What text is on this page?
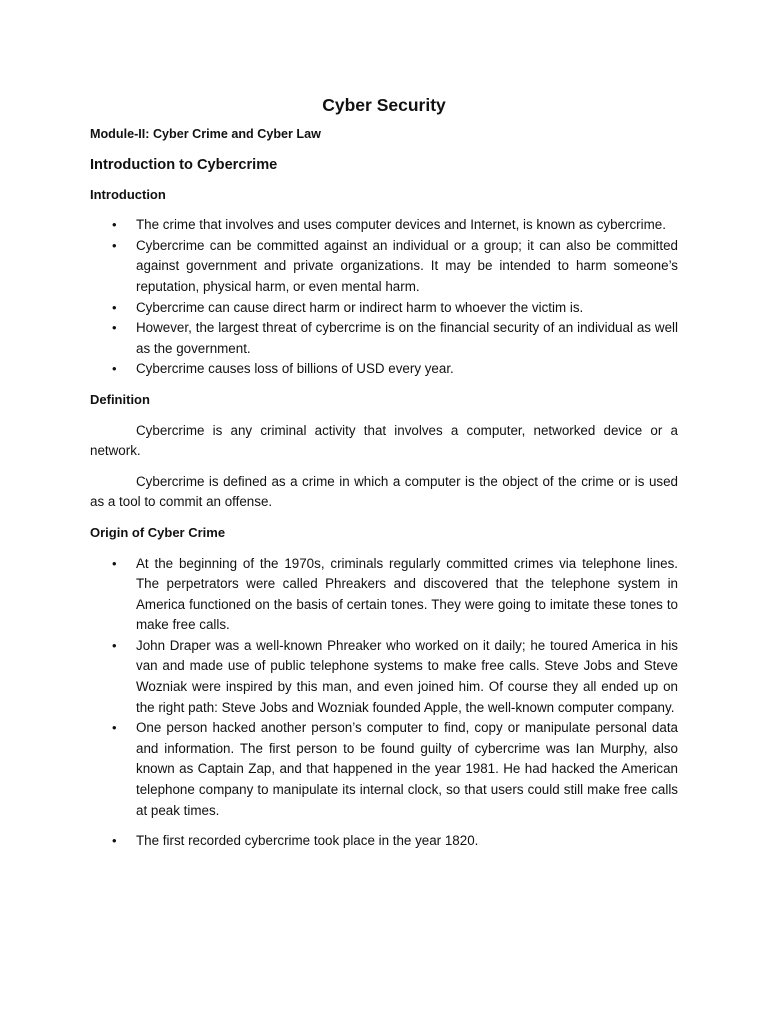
Cyber Security
Module-II: Cyber Crime and Cyber Law
Introduction to Cybercrime
Introduction
• The crime that involves and uses computer devices and Internet, is known as cybercrime.
• Cybercrime can be committed against an individual or a group; it can also be committed against government and private organizations. It may be intended to harm someone’s reputation, physical harm, or even mental harm.
• Cybercrime can cause direct harm or indirect harm to whoever the victim is.
• However, the largest threat of cybercrime is on the financial security of an individual as well as the government.
• Cybercrime causes loss of billions of USD every year.
Definition

Cybercrime is any criminal activity that involves a computer, networked device or a network.

Cybercrime is defined as a crime in which a computer is the object of the crime or is used as a tool to commit an offense.

Origin of Cyber Crime
• At the beginning of the 1970s, criminals regularly committed crimes via telephone lines. The perpetrators were called Phreakers and discovered that the telephone system in America functioned on the basis of certain tones. They were going to imitate these tones to make free calls.
• John Draper was a well-known Phreaker who worked on it daily; he toured America in his van and made use of public telephone systems to make free calls. Steve Jobs and Steve Wozniak were inspired by this man, and even joined him. Of course they all ended up on the right path: Steve Jobs and Wozniak founded Apple, the well-known computer company.
• One person hacked another person’s computer to find, copy or manipulate personal data and information. The first person to be found guilty of cybercrime was Ian Murphy, also known as Captain Zap, and that happened in the year 1981. He had hacked the American telephone company to manipulate its internal clock, so that users could still make free calls at peak times.
• The first recorded cybercrime took place in the year 1820.
